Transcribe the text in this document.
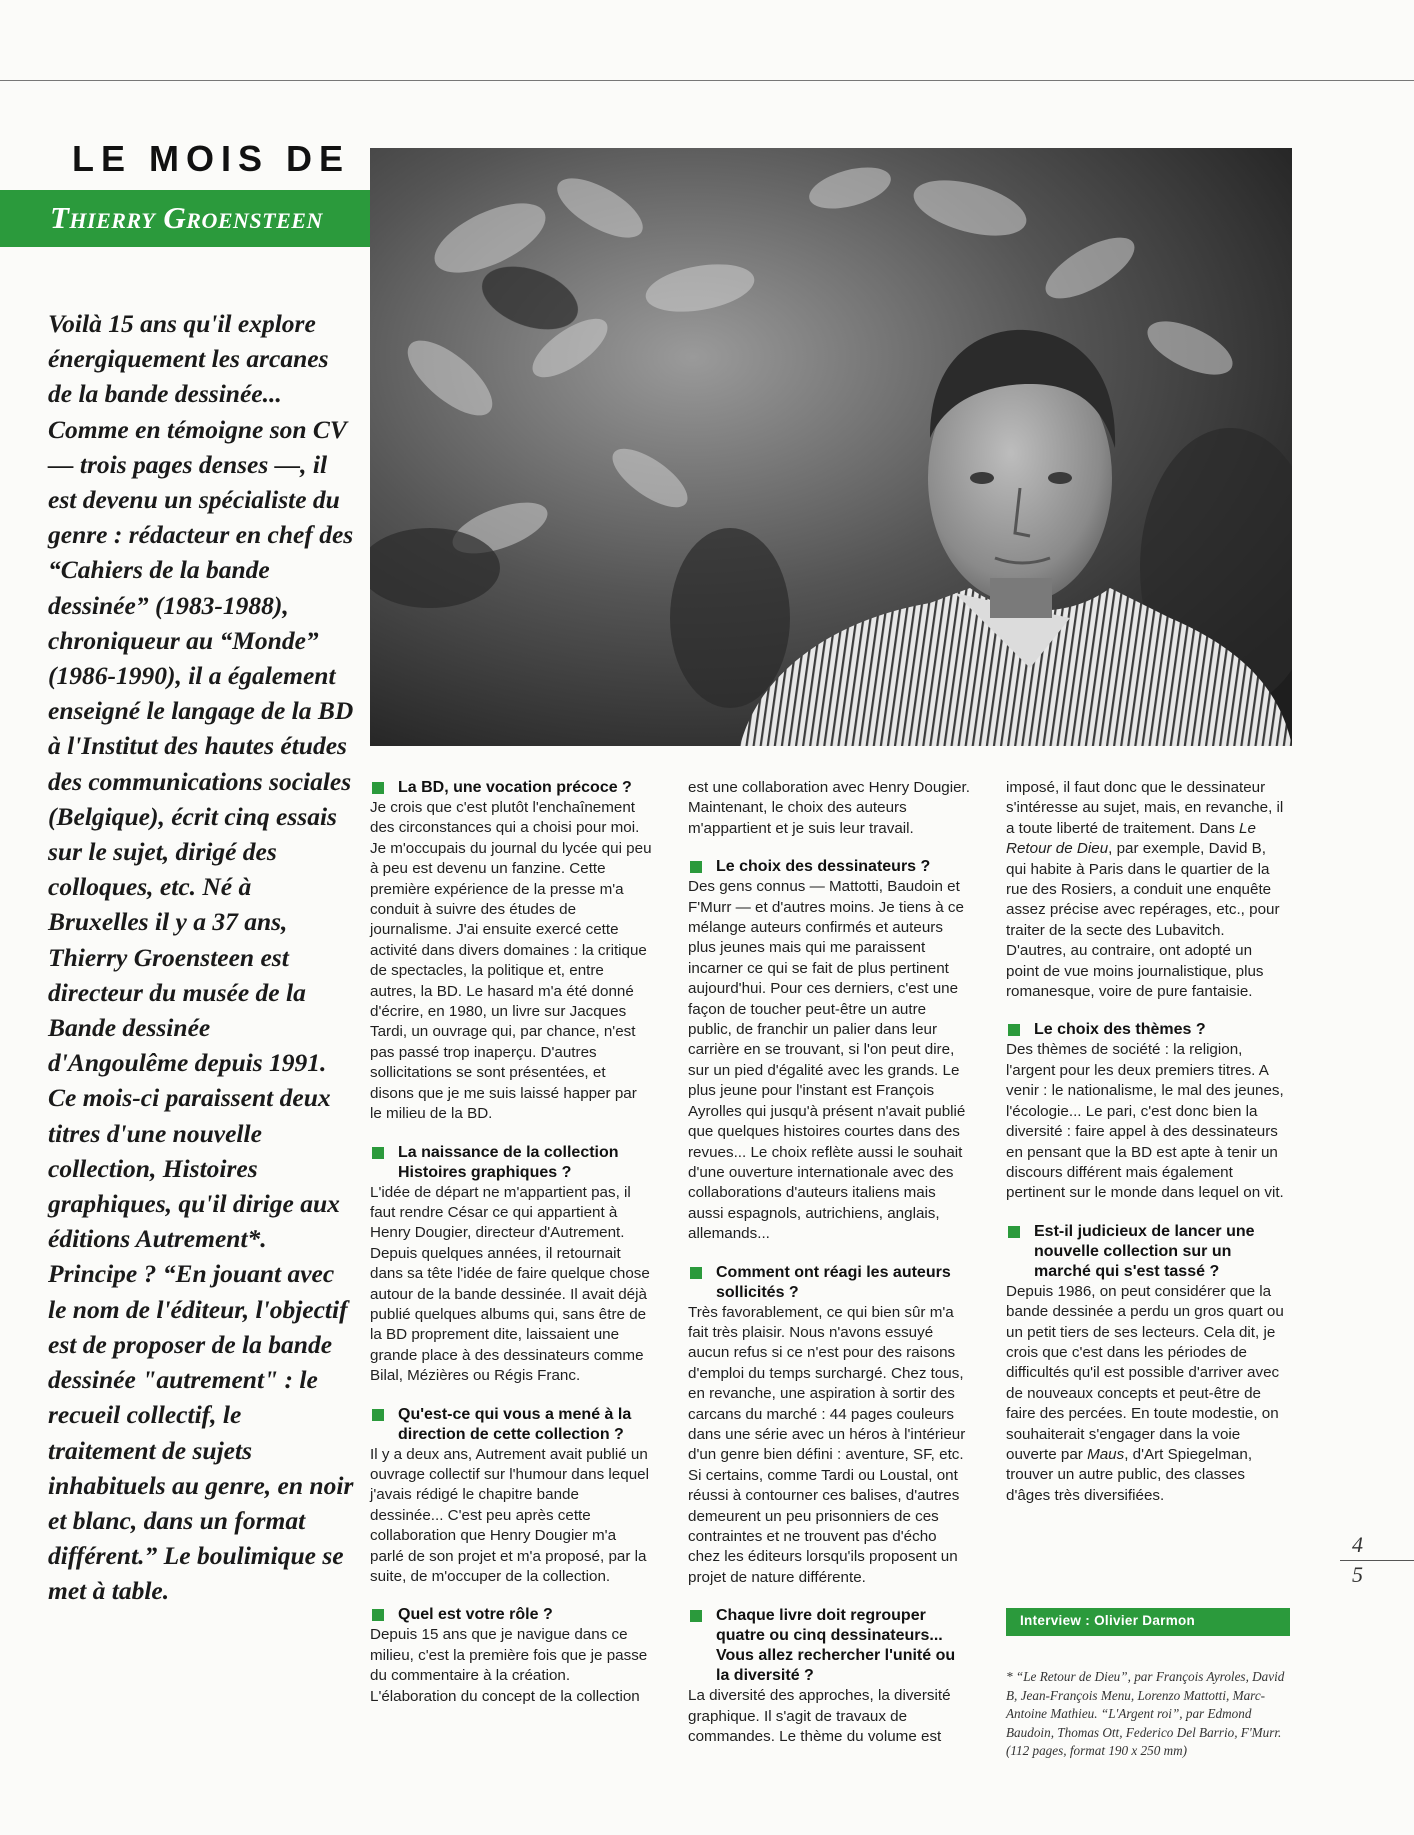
LE MOIS DE

Thierry Groensteen

Voilà 15 ans qu'il explore énergiquement les arcanes de la bande dessinée... Comme en témoigne son CV — trois pages denses —, il est devenu un spécialiste du genre : rédacteur en chef des “Cahiers de la bande dessinée” (1983-1988), chroniqueur au “Monde” (1986-1990), il a également enseigné le langage de la BD à l'Institut des hautes études des communications sociales (Belgique), écrit cinq essais sur le sujet, dirigé des colloques, etc. Né à Bruxelles il y a 37 ans, Thierry Groensteen est directeur du musée de la Bande dessinée d'Angoulême depuis 1991. Ce mois-ci paraissent deux titres d'une nouvelle collection, Histoires graphiques, qu'il dirige aux éditions Autrement*. Principe ? “En jouant avec le nom de l'éditeur, l'objectif est de proposer de la bande dessinée "autrement" : le recueil collectif, le traitement de sujets inhabituels au genre, en noir et blanc, dans un format différent.” Le boulimique se met à table.

La BD, une vocation précoce ?

Je crois que c'est plutôt l'enchaînement des circonstances qui a choisi pour moi. Je m'occupais du journal du lycée qui peu à peu est devenu un fanzine. Cette première expérience de la presse m'a conduit à suivre des études de journalisme. J'ai ensuite exercé cette activité dans divers domaines : la critique de spectacles, la politique et, entre autres, la BD. Le hasard m'a été donné d'écrire, en 1980, un livre sur Jacques Tardi, un ouvrage qui, par chance, n'est pas passé trop inaperçu. D'autres sollicitations se sont présentées, et disons que je me suis laissé happer par le milieu de la BD.

La naissance de la collection Histoires graphiques ?

L'idée de départ ne m'appartient pas, il faut rendre César ce qui appartient à Henry Dougier, directeur d'Autrement. Depuis quelques années, il retournait dans sa tête l'idée de faire quelque chose autour de la bande dessinée. Il avait déjà publié quelques albums qui, sans être de la BD proprement dite, laissaient une grande place à des dessinateurs comme Bilal, Mézières ou Régis Franc.

Qu'est-ce qui vous a mené à la direction de cette collection ?

Il y a deux ans, Autrement avait publié un ouvrage collectif sur l'humour dans lequel j'avais rédigé le chapitre bande dessinée... C'est peu après cette collaboration que Henry Dougier m'a parlé de son projet et m'a proposé, par la suite, de m'occuper de la collection.

Quel est votre rôle ?

Depuis 15 ans que je navigue dans ce milieu, c'est la première fois que je passe du commentaire à la création. L'élaboration du concept de la collection

est une collaboration avec Henry Dougier. Maintenant, le choix des auteurs m'appartient et je suis leur travail.

Le choix des dessinateurs ?

Des gens connus — Mattotti, Baudoin et F'Murr — et d'autres moins. Je tiens à ce mélange auteurs confirmés et auteurs plus jeunes mais qui me paraissent incarner ce qui se fait de plus pertinent aujourd'hui. Pour ces derniers, c'est une façon de toucher peut-être un autre public, de franchir un palier dans leur carrière en se trouvant, si l'on peut dire, sur un pied d'égalité avec les grands. Le plus jeune pour l'instant est François Ayrolles qui jusqu'à présent n'avait publié que quelques histoires courtes dans des revues... Le choix reflète aussi le souhait d'une ouverture internationale avec des collaborations d'auteurs italiens mais aussi espagnols, autrichiens, anglais, allemands...

Comment ont réagi les auteurs sollicités ?

Très favorablement, ce qui bien sûr m'a fait très plaisir. Nous n'avons essuyé aucun refus si ce n'est pour des raisons d'emploi du temps surchargé. Chez tous, en revanche, une aspiration à sortir des carcans du marché : 44 pages couleurs dans une série avec un héros à l'intérieur d'un genre bien défini : aventure, SF, etc. Si certains, comme Tardi ou Loustal, ont réussi à contourner ces balises, d'autres demeurent un peu prisonniers de ces contraintes et ne trouvent pas d'écho chez les éditeurs lorsqu'ils proposent un projet de nature différente.

Chaque livre doit regrouper quatre ou cinq dessinateurs... Vous allez rechercher l'unité ou la diversité ?

La diversité des approches, la diversité graphique. Il s'agit de travaux de commandes. Le thème du volume est

imposé, il faut donc que le dessinateur s'intéresse au sujet, mais, en revanche, il a toute liberté de traitement. Dans Le Retour de Dieu, par exemple, David B, qui habite à Paris dans le quartier de la rue des Rosiers, a conduit une enquête assez précise avec repérages, etc., pour traiter de la secte des Lubavitch. D'autres, au contraire, ont adopté un point de vue moins journalistique, plus romanesque, voire de pure fantaisie.

Le choix des thèmes ?

Des thèmes de société : la religion, l'argent pour les deux premiers titres. A venir : le nationalisme, le mal des jeunes, l'écologie... Le pari, c'est donc bien la diversité : faire appel à des dessinateurs en pensant que la BD est apte à tenir un discours différent mais également pertinent sur le monde dans lequel on vit.

Est-il judicieux de lancer une nouvelle collection sur un marché qui s'est tassé ?

Depuis 1986, on peut considérer que la bande dessinée a perdu un gros quart ou un petit tiers de ses lecteurs. Cela dit, je crois que c'est dans les périodes de difficultés qu'il est possible d'arriver avec de nouveaux concepts et peut-être de faire des percées. En toute modestie, on souhaiterait s'engager dans la voie ouverte par Maus, d'Art Spiegelman, trouver un autre public, des classes d'âges très diversifiées.

Interview : Olivier Darmon

* “Le Retour de Dieu”, par François Ayroles, David B, Jean-François Menu, Lorenzo Mattotti, Marc-Antoine Mathieu. “L'Argent roi”, par Edmond Baudoin, Thomas Ott, Federico Del Barrio, F'Murr. (112 pages, format 190 x 250 mm)

4

5
